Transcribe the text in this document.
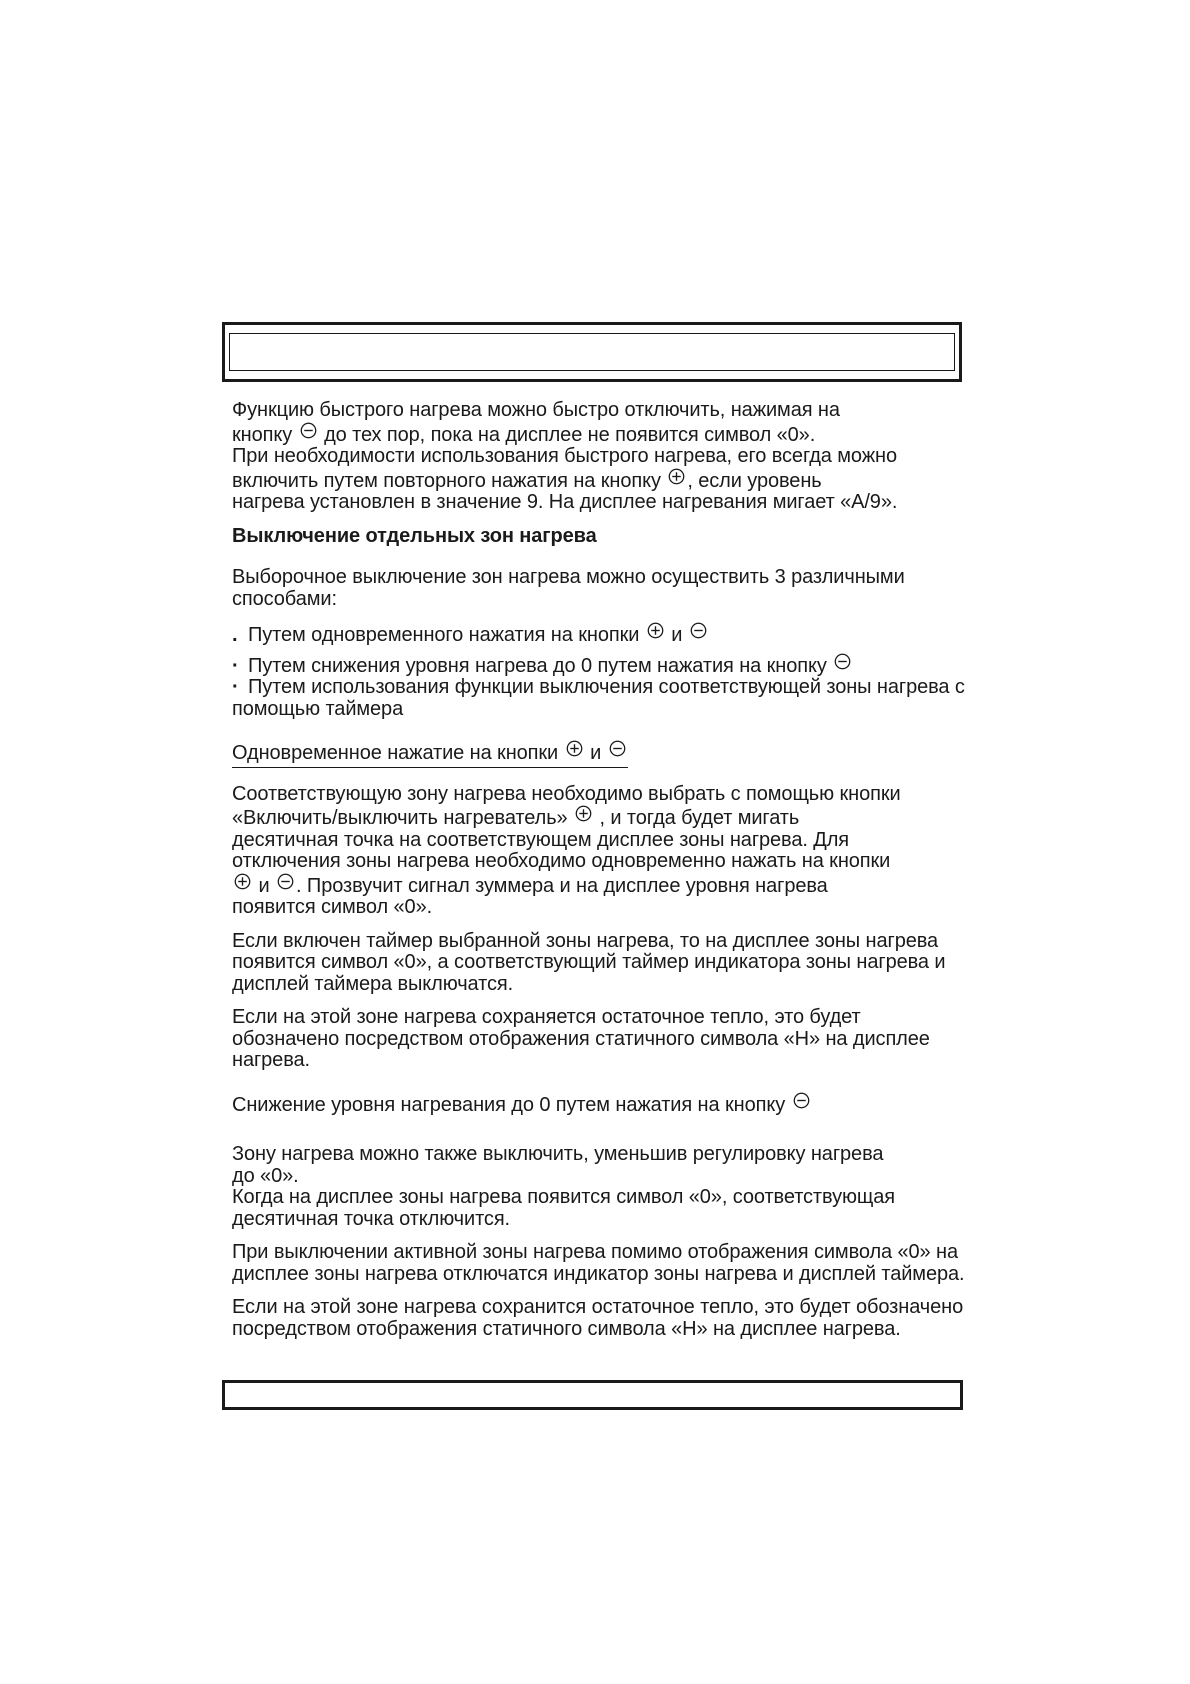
Функцию быстрого нагрева можно быстро отключить, нажимая на
кнопку до тех пор, пока на дисплее не появится символ «0».
При необходимости использования быстрого нагрева, его всегда можно
включить путем повторного нажатия на кнопку , если уровень
нагрева установлен в значение 9. На дисплее нагревания мигает «A/9».

Выключение отдельных зон нагрева

Выборочное выключение зон нагрева можно осуществить 3 различными способами:

. Путем одновременного нажатия на кнопки и

· Путем снижения уровня нагрева до 0 путем нажатия на кнопку

· Путем использования функции выключения соответствующей зоны нагрева с помощью таймера

Одновременное нажатие на кнопки и

Соответствующую зону нагрева необходимо выбрать с помощью кнопки
«Включить/выключить нагреватель» , и тогда будет мигать
десятичная точка на соответствующем дисплее зоны нагрева. Для
отключения зоны нагрева необходимо одновременно нажать на кнопки

и . Прозвучит сигнал зуммера и на дисплее уровня нагрева
появится символ «0».

Если включен таймер выбранной зоны нагрева, то на дисплее зоны нагрева появится символ «0», а соответствующий таймер индикатора зоны нагрева и дисплей таймера выключатся.

Если на этой зоне нагрева сохраняется остаточное тепло, это будет обозначено посредством отображения статичного символа «H» на дисплее нагрева.

Снижение уровня нагревания до 0 путем нажатия на кнопку

Зону нагрева можно также выключить, уменьшив регулировку нагрева
до «0».
Когда на дисплее зоны нагрева появится символ «0», соответствующая
десятичная точка отключится.

При выключении активной зоны нагрева помимо отображения символа «0» на дисплее зоны нагрева отключатся индикатор зоны нагрева и дисплей таймера.

Если на этой зоне нагрева сохранится остаточное тепло, это будет обозначено посредством отображения статичного символа «H» на дисплее нагрева.
